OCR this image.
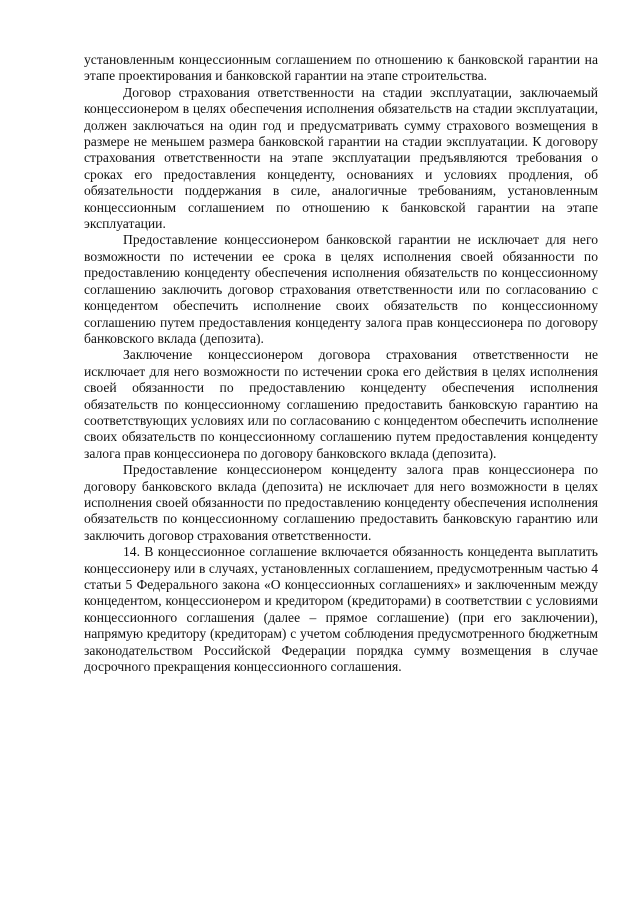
установленным концессионным соглашением по отношению к банковской гарантии на этапе проектирования и банковской гарантии на этапе строительства.

Договор страхования ответственности на стадии эксплуатации, заключаемый концессионером в целях обеспечения исполнения обязательств на стадии эксплуатации, должен заключаться на один год и предусматривать сумму страхового возмещения в размере не меньшем размера банковской гарантии на стадии эксплуатации. К договору страхования ответственности на этапе эксплуатации предъявляются требования о сроках его предоставления концеденту, основаниях и условиях продления, об обязательности поддержания в силе, аналогичные требованиям, установленным концессионным соглашением по отношению к банковской гарантии на этапе эксплуатации.

Предоставление концессионером банковской гарантии не исключает для него возможности по истечении ее срока в целях исполнения своей обязанности по предоставлению концеденту обеспечения исполнения обязательств по концессионному соглашению заключить договор страхования ответственности или по согласованию с концедентом обеспечить исполнение своих обязательств по концессионному соглашению путем предоставления концеденту залога прав концессионера по договору банковского вклада (депозита).

Заключение концессионером договора страхования ответственности не исключает для него возможности по истечении срока его действия в целях исполнения своей обязанности по предоставлению концеденту обеспечения исполнения обязательств по концессионному соглашению предоставить банковскую гарантию на соответствующих условиях или по согласованию с концедентом обеспечить исполнение своих обязательств по концессионному соглашению путем предоставления концеденту залога прав концессионера по договору банковского вклада (депозита).

Предоставление концессионером концеденту залога прав концессионера по договору банковского вклада (депозита) не исключает для него возможности в целях исполнения своей обязанности по предоставлению концеденту обеспечения исполнения обязательств по концессионному соглашению предоставить банковскую гарантию или заключить договор страхования ответственности.

14. В концессионное соглашение включается обязанность концедента выплатить концессионеру или в случаях, установленных соглашением, предусмотренным частью 4 статьи 5 Федерального закона «О концессионных соглашениях» и заключенным между концедентом, концессионером и кредитором (кредиторами) в соответствии с условиями концессионного соглашения (далее – прямое соглашение) (при его заключении), напрямую кредитору (кредиторам) с учетом соблюдения предусмотренного бюджетным законодательством Российской Федерации порядка сумму возмещения в случае досрочного прекращения концессионного соглашения.
